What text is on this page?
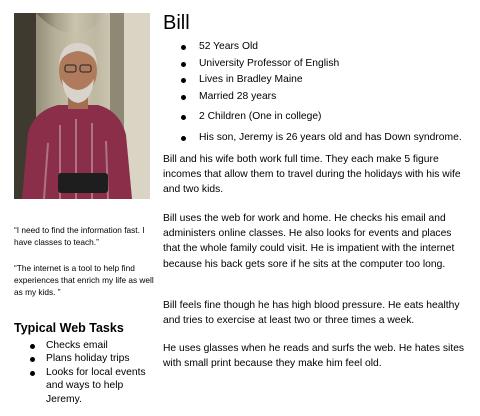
Bill
52 Years Old
University Professor of English
Lives in Bradley Maine
Married 28 years
2 Children (One in college)
His son, Jeremy is 26 years old and has Down syndrome.

Bill and his wife both work full time. They each make 5 figure incomes that allow them to travel during the holidays with his wife and two kids.

Bill uses the web for work and home. He checks his email and administers online classes. He also looks for events and places that the whole family could visit. He is impatient with the internet because his back gets sore if he sits at the computer too long.

Bill feels fine though he has high blood pressure. He eats healthy and tries to exercise at least two or three times a week.

He uses glasses when he reads and surfs the web. He hates sites with small print because they make him feel old.

“I need to find the information fast. I have classes to teach.”

“The internet is a tool to help find experiences that enrich my life as well as my kids. ”

Typical Web Tasks
Checks email
Plans holiday trips
Looks for local events and ways to help Jeremy.
